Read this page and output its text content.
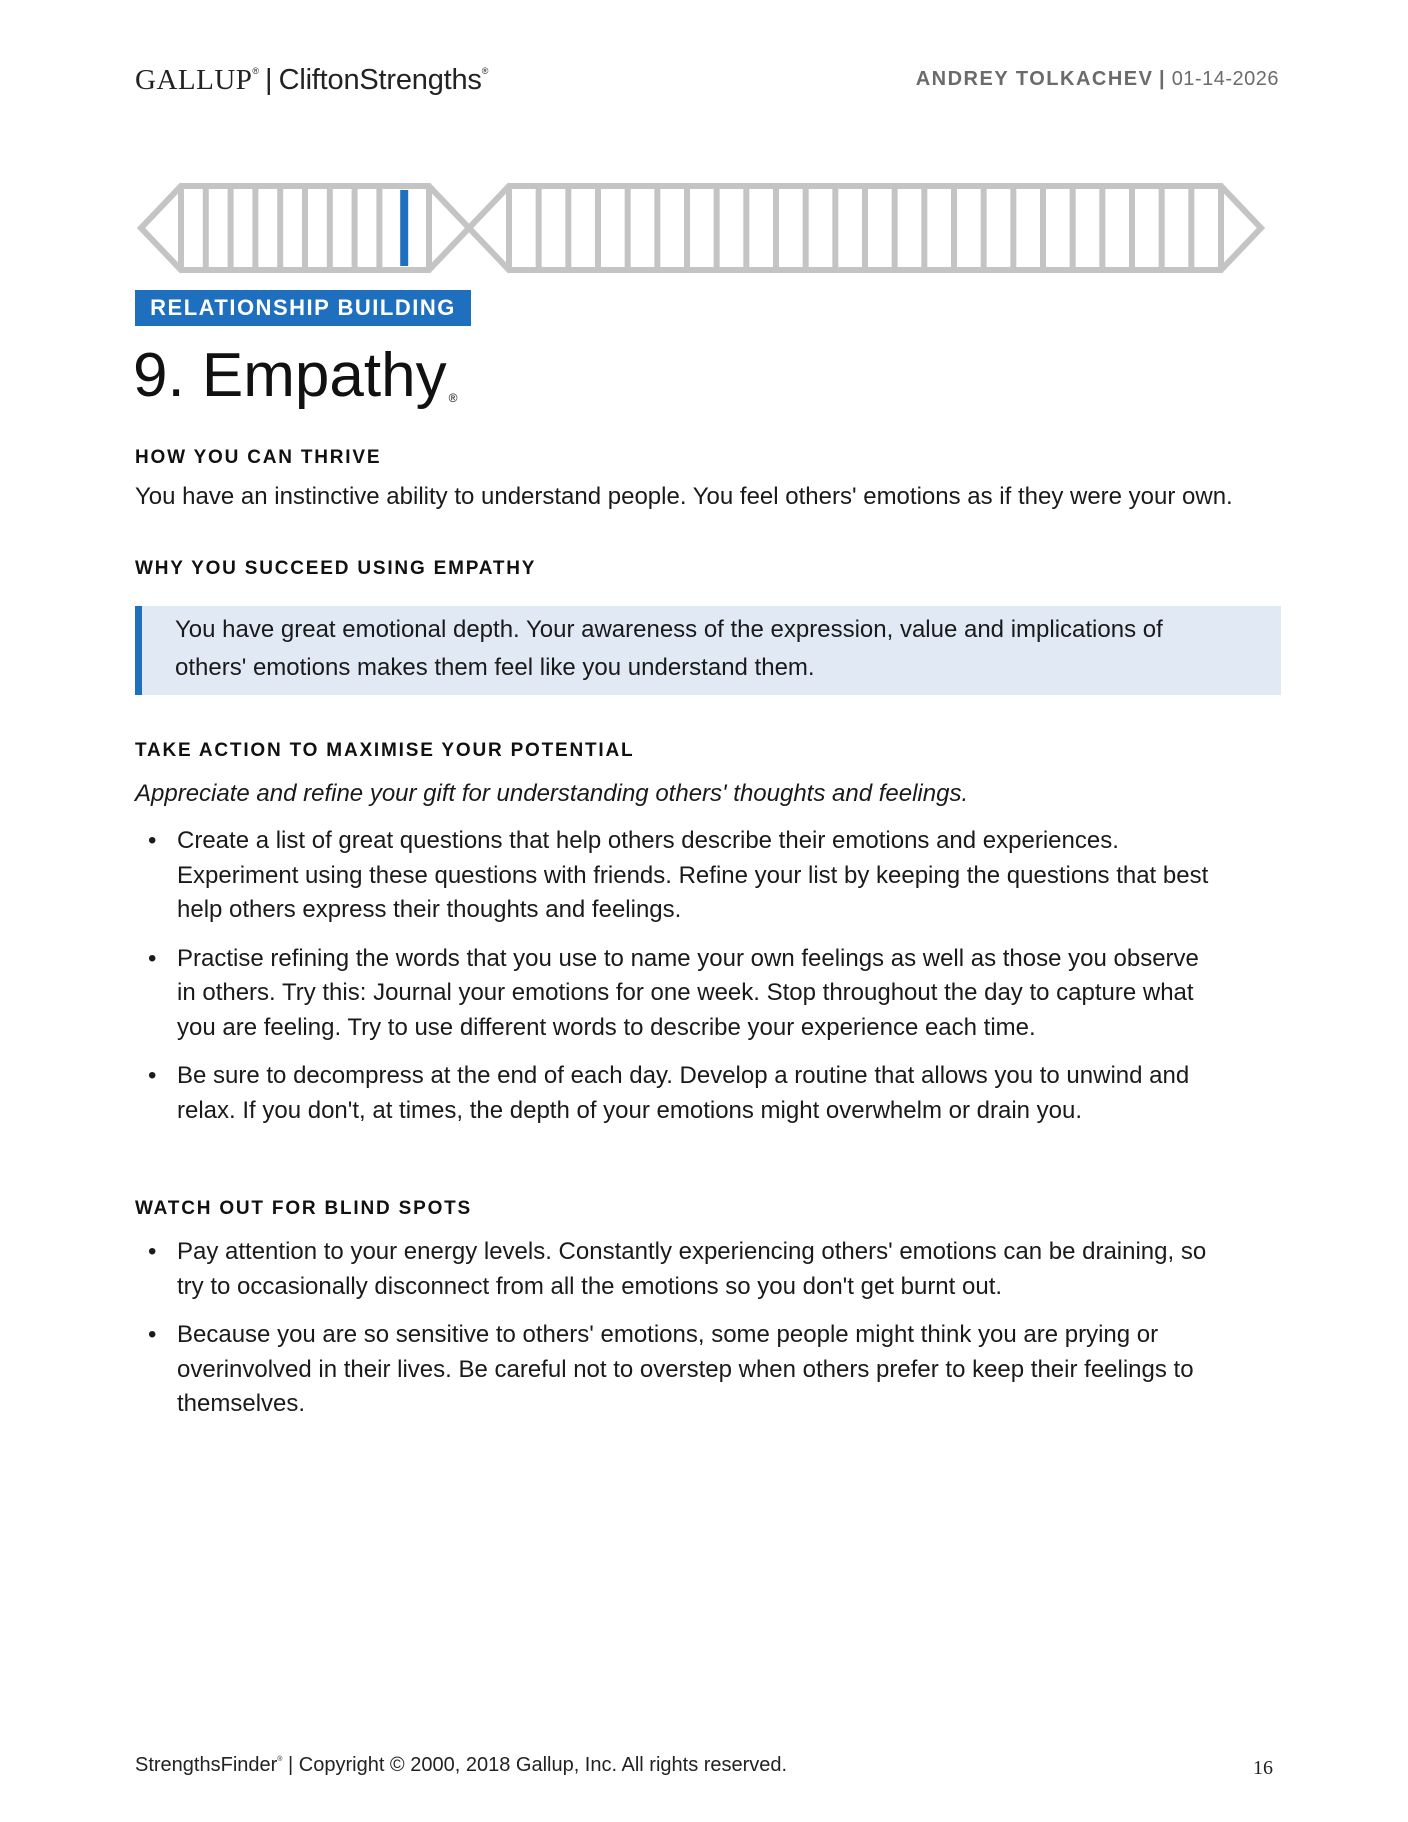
GALLUP® | CliftonStrengths®	ANDREY TOLKACHEV | 01-14-2026
RELATIONSHIP BUILDING
9. Empathy ®
HOW YOU CAN THRIVE
You have an instinctive ability to understand people. You feel others' emotions as if they were your own.
WHY YOU SUCCEED USING EMPATHY
You have great emotional depth. Your awareness of the expression, value and implications of others' emotions makes them feel like you understand them.
TAKE ACTION TO MAXIMISE YOUR POTENTIAL
Appreciate and refine your gift for understanding others' thoughts and feelings.
• Create a list of great questions that help others describe their emotions and experiences. Experiment using these questions with friends. Refine your list by keeping the questions that best help others express their thoughts and feelings.
• Practise refining the words that you use to name your own feelings as well as those you observe in others. Try this: Journal your emotions for one week. Stop throughout the day to capture what you are feeling. Try to use different words to describe your experience each time.
• Be sure to decompress at the end of each day. Develop a routine that allows you to unwind and relax. If you don't, at times, the depth of your emotions might overwhelm or drain you.
WATCH OUT FOR BLIND SPOTS
• Pay attention to your energy levels. Constantly experiencing others' emotions can be draining, so try to occasionally disconnect from all the emotions so you don't get burnt out.
• Because you are so sensitive to others' emotions, some people might think you are prying or overinvolved in their lives. Be careful not to overstep when others prefer to keep their feelings to themselves.
StrengthsFinder® | Copyright © 2000, 2018 Gallup, Inc. All rights reserved.	16
